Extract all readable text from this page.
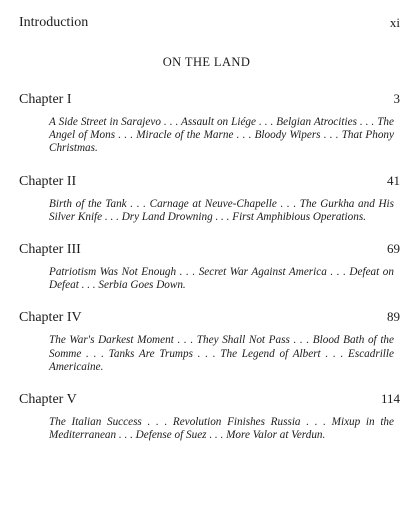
Introduction	xi
ON THE LAND
Chapter I	3
A Side Street in Sarajevo . . . Assault on Liége . . . Belgian Atrocities . . . The Angel of Mons . . . Miracle of the Marne . . . Bloody Wipers . . . That Phony Christmas.
Chapter II	41
Birth of the Tank . . . Carnage at Neuve-Chapelle . . . The Gurkha and His Silver Knife . . . Dry Land Drowning . . . First Amphibious Operations.
Chapter III	69
Patriotism Was Not Enough . . . Secret War Against America . . . Defeat on Defeat . . . Serbia Goes Down.
Chapter IV	89
The War's Darkest Moment . . . They Shall Not Pass . . . Blood Bath of the Somme . . . Tanks Are Trumps . . . The Legend of Albert . . . Escadrille Americaine.
Chapter V	114
The Italian Success . . . Revolution Finishes Russia . . . Mixup in the Mediterranean . . . Defense of Suez . . . More Valor at Verdun.
